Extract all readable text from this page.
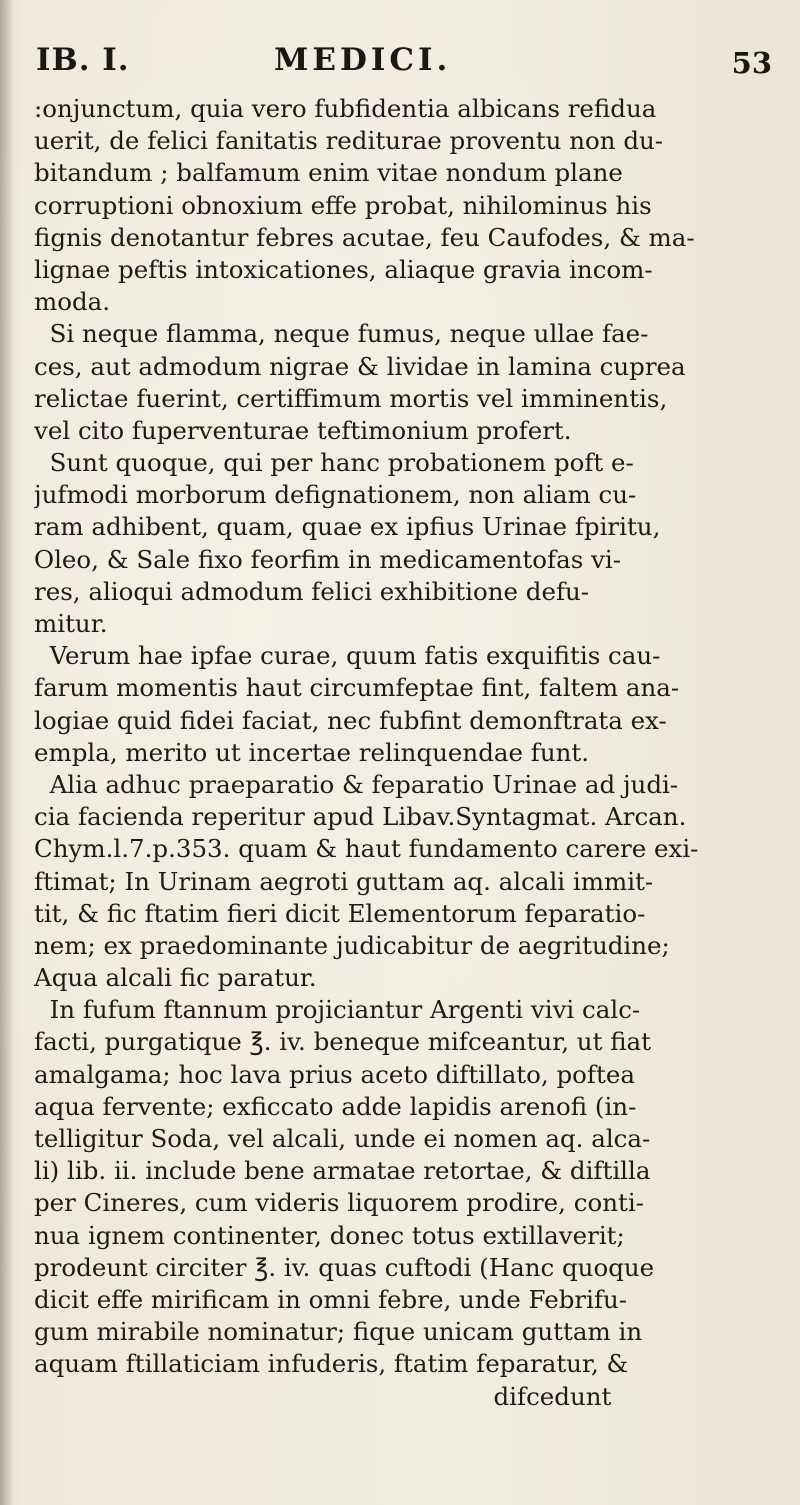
IB. I.	MEDICI.	53
:onjunctum, quia vero fubfidentia albicans refidua
uerit, de felici fanitatis rediturae proventu non du-
bitandum ; balfamum enim vitae nondum plane
corruptioni obnoxium effe probat, nihilominus his
fignis denotantur febres acutae, feu Caufodes, & ma-
lignae peftis intoxicationes, aliaque gravia incom-
moda.
Si neque flamma, neque fumus, neque ullae fae-
ces, aut admodum nigrae & lividae in lamina cuprea
relictae fuerint, certiffimum mortis vel imminentis,
vel cito fuperventurae teftimonium profert.
Sunt quoque, qui per hanc probationem poft e-
jufmodi morborum defignationem, non aliam cu-
ram adhibent, quam, quae ex ipfius Urinae fpiritu,
Oleo, & Sale fixo feorfim in medicamentofas vi-
res, alioqui admodum felici exhibitione defu-
mitur.
Verum hae ipfae curae, quum fatis exquifitis cau-
farum momentis haut circumfeptae fint, faltem ana-
logiae quid fidei faciat, nec fubfint demonftrata ex-
empla, merito ut incertae relinquendae funt.
Alia adhuc praeparatio & feparatio Urinae ad judi-
cia facienda reperitur apud Libav.Syntagmat. Arcan.
Chym.l.7.p.353. quam & haut fundamento carere exi-
ftimat; In Urinam aegroti guttam aq. alcali immit-
tit, & fic ftatim fieri dicit Elementorum feparatio-
nem; ex praedominante judicabitur de aegritudine;
Aqua alcali fic paratur.
In fufum ftannum projiciantur Argenti vivi calc-
facti, purgatique ℥. iv. beneque mifceantur, ut fiat
amalgama; hoc lava prius aceto diftillato, poftea
aqua fervente; exficcato adde lapidis arenofi (in-
telligitur Soda, vel alcali, unde ei nomen aq. alca-
li) lib. ii. include bene armatae retortae, & diftilla
per Cineres, cum videris liquorem prodire, conti-
nua ignem continenter, donec totus extillaverit;
prodeunt circiter ℥. iv. quas cuftodi (Hanc quoque
dicit effe mirificam in omni febre, unde Febrifu-
gum mirabile nominatur; fique unicam guttam in
aquam ftillaticiam infuderis, ftatim feparatur, &
difcedunt
